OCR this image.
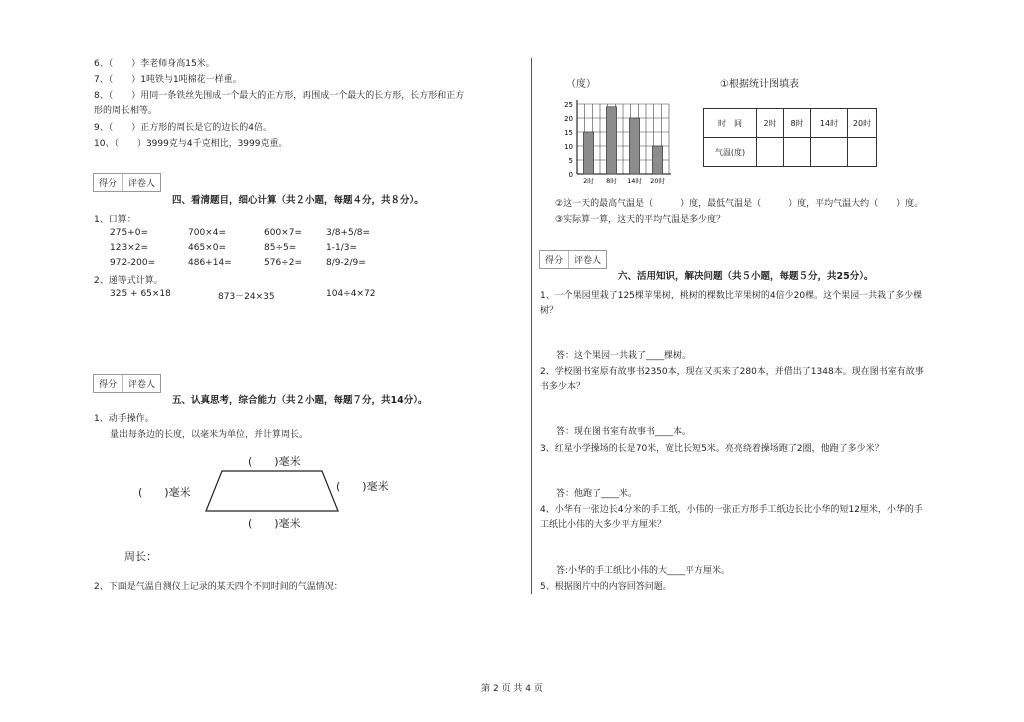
6、（　　）李老师身高15米。
7、（　　）1吨铁与1吨棉花一样重。
8、（　　）用同一条铁丝先围成一个最大的正方形，再围成一个最大的长方形，长方形和正方
形的周长相等。
9、（　　）正方形的周长是它的边长的4倍。
10、（　　）3999克与4千克相比，3999克重。
得分	评卷人
四、看清题目，细心计算（共２小题，每题４分，共８分）。
1、口算：
275+0=	700×4=	600×7=	3/8+5/8=
123×2=	465×0=	85÷5=	1-1/3=
972-200=	486+14=	576÷2=	8/9-2/9=
2、递等式计算。
325 + 65×18	873－24×35	104÷4×72
得分	评卷人
五、认真思考，综合能力（共２小题，每题７分，共14分）。
1、动手操作。
量出每条边的长度，以毫米为单位，并计算周长。
(　　)毫米
(　　)毫米	(　　)毫米
(　　)毫米
周长：
2、下面是气温自测仪上记录的某天四个不同时间的气温情况：
（度）	①根据统计图填表
0
5
10
15
20
25
2时 8时 14时 20时
时　间	2时	8时	14时	20时
气温(度)				
②这一天的最高气温是（　　　）度，最低气温是（　　　）度，平均气温大约（　　）度。
③实际算一算，这天的平均气温是多少度？
得分	评卷人
六、活用知识，解决问题（共５小题，每题５分，共25分）。
1、一个果园里栽了125棵苹果树，桃树的棵数比苹果树的4倍少20棵。这个果园一共栽了多少棵
树？
答：这个果园一共栽了____棵树。
2、学校图书室原有故事书2350本，现在又买来了280本，并借出了1348本。现在图书室有故事
书多少本？
答：现在图书室有故事书____本。
3、红星小学操场的长是70米，宽比长短5米。亮亮绕着操场跑了2圈，他跑了多少米？
答：他跑了____米。
4、小华有一张边长4分米的手工纸，小伟的一张正方形手工纸边长比小华的短12厘米，小华的手
工纸比小伟的大多少平方厘米？
答:小华的手工纸比小伟的大____平方厘米。
5、根据图片中的内容回答问题。
第 2 页 共 4 页
